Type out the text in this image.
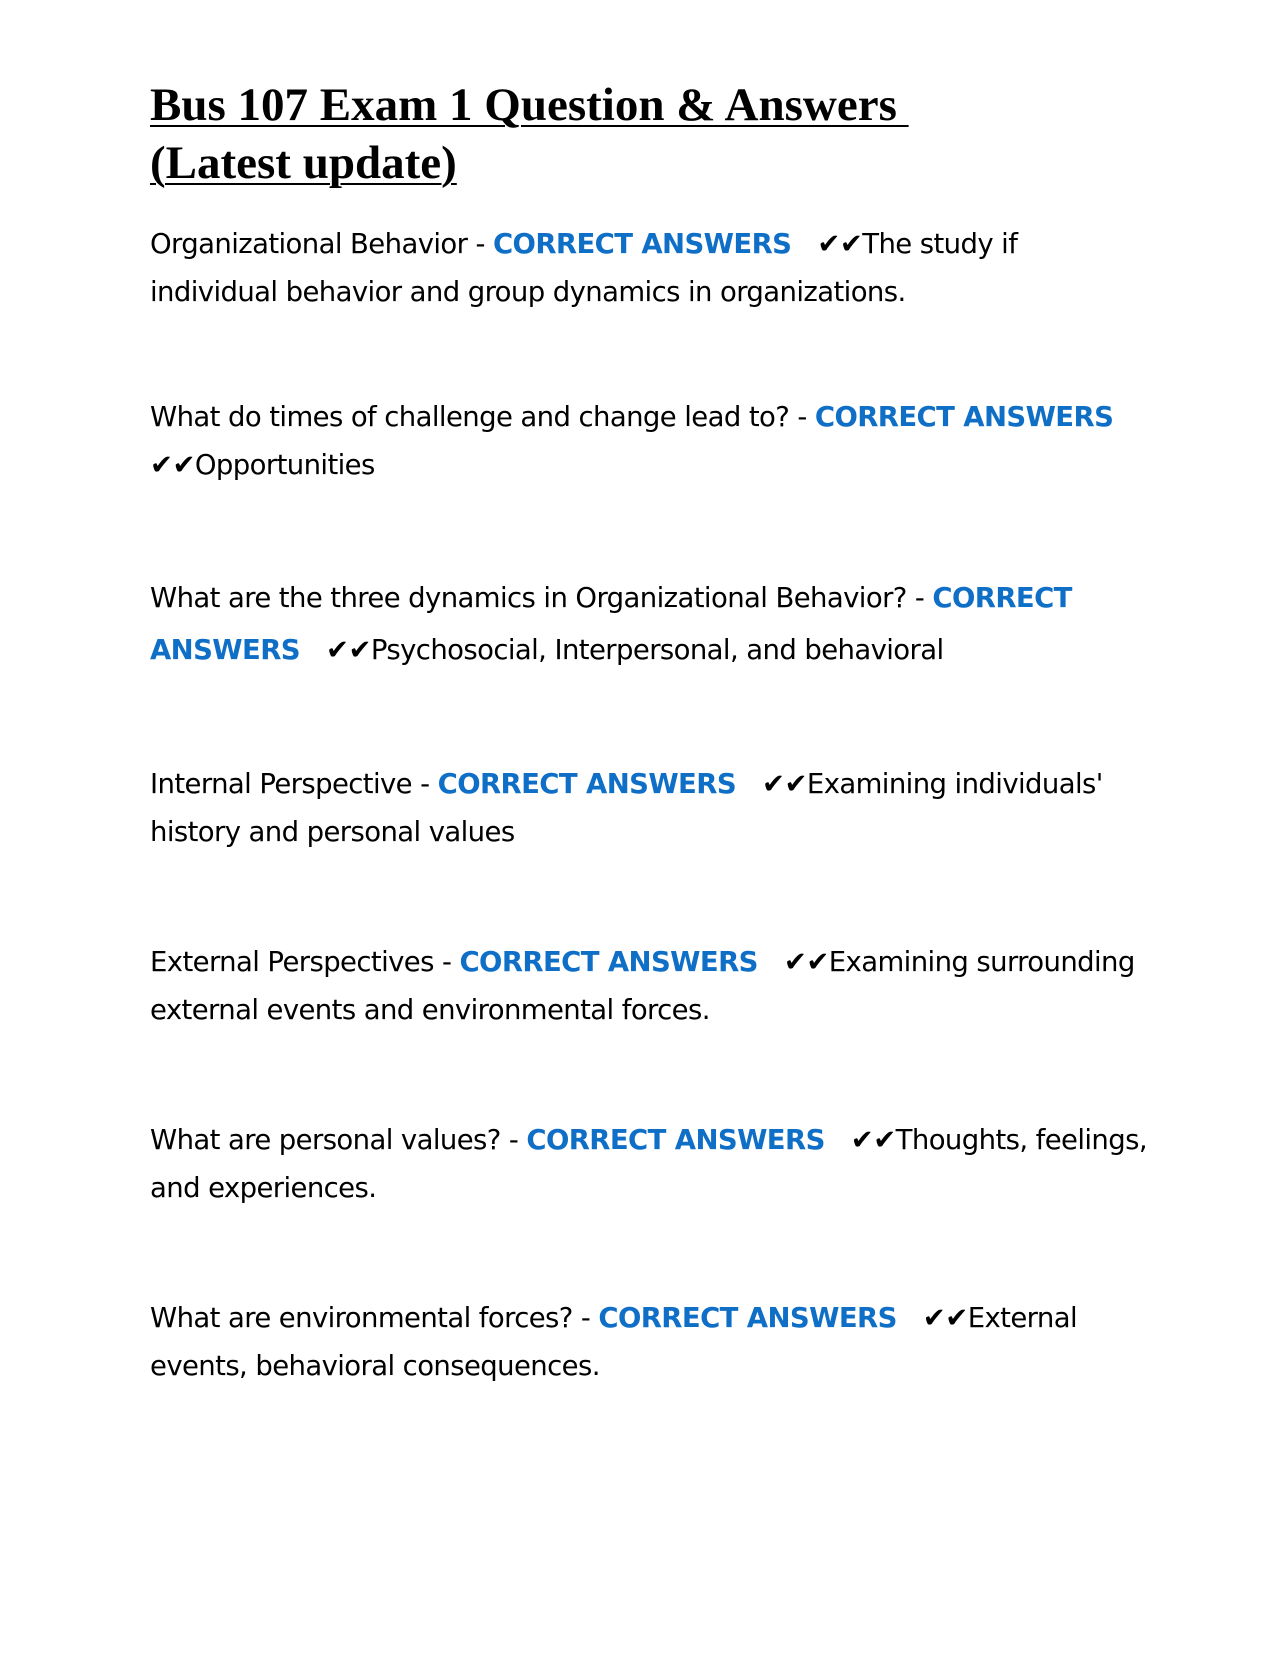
Bus 107 Exam 1 Question & Answers
(Latest update)

Organizational Behavior - CORRECT ANSWERS ✔✔The study if individual behavior and group dynamics in organizations.

What do times of challenge and change lead to? - CORRECT ANSWERS
✔✔Opportunities

What are the three dynamics in Organizational Behavior? - CORRECT ANSWERS ✔✔Psychosocial, Interpersonal, and behavioral

Internal Perspective - CORRECT ANSWERS ✔✔Examining individuals' history and personal values

External Perspectives - CORRECT ANSWERS ✔✔Examining surrounding external events and environmental forces.

What are personal values? - CORRECT ANSWERS ✔✔Thoughts, feelings, and experiences.

What are environmental forces? - CORRECT ANSWERS ✔✔External events, behavioral consequences.
